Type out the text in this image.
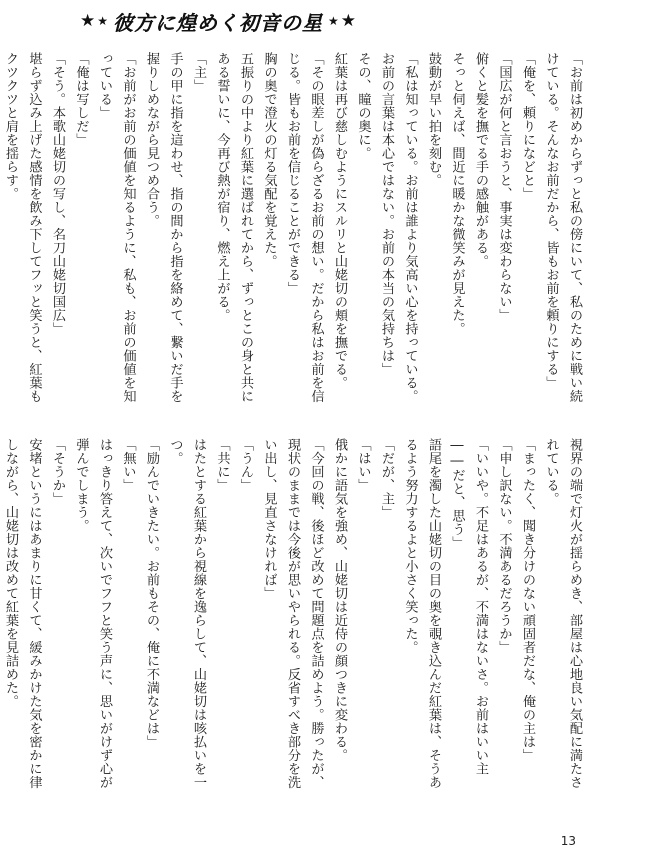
★ ★ 彼方に煌めく初音の星 ★ ★

「お前は初めからずっと私の傍にいて、私のために戦い続けている。そんなお前だから、皆もお前を頼りにする」

「俺を、頼りになどと」

「国広が何と言おうと、事実は変わらない」

俯くと髪を撫でる手の感触がある。

そっと伺えば、間近に暖かな微笑みが見えた。

鼓動が早い拍を刻む。

「私は知っている。お前は誰より気高い心を持っている。お前の言葉は本心ではない。お前の本当の気持ちは」

その、瞳の奥に。

紅葉は再び慈しむようにスルリと山姥切の頬を撫でる。

「その眼差しが偽らざるお前の想い。だから私はお前を信じる。皆もお前を信じることができる」

胸の奥で澄火の灯る気配を覚えた。

五振りの中より紅葉に選ばれてから、ずっとこの身と共にある誓いに、今再び熱が宿り、燃え上がる。

「主」

手の甲に指を這わせ、指の間から指を絡めて、繋いだ手を握りしめながら見つめ合う。

「お前がお前の価値を知るように、私も、お前の価値を知っている」

「俺は写しだ」

「そう。本歌山姥切の写し、名刀山姥切国広」

堪らず込み上げた感情を飲み下してフッと笑うと、紅葉もクツクツと肩を揺らす。

視界の端で灯火が揺らめき、部屋は心地良い気配に満たされている。

「まったく、聞き分けのない頑固者だな、俺の主は」

「申し訳ない。不満あるだろうか」

「いいや。不足はあるが、不満はないさ。お前はいい主――だと、思う」

語尾を濁した山姥切の目の奥を覗き込んだ紅葉は、そうあるよう努力するよと小さく笑った。

「だが、主」

「はい」

俄かに語気を強め、山姥切は近侍の顔つきに変わる。

「今回の戦、後ほど改めて問題点を詰めよう。勝ったが、現状のままでは今後が思いやられる。反省すべき部分を洗い出し、見直さなければ」

「うん」

「共に」

はたとする紅葉から視線を逸らして、山姥切は咳払いを一つ。

「励んでいきたい。お前もその、俺に不満などは」

「無い」

はっきり答えて、次いでフフと笑う声に、思いがけず心が弾んでしまう。

「そうか」

安堵というにはあまりに甘くて、緩みかけた気を密かに律しながら、山姥切は改めて紅葉を見詰めた。

13
